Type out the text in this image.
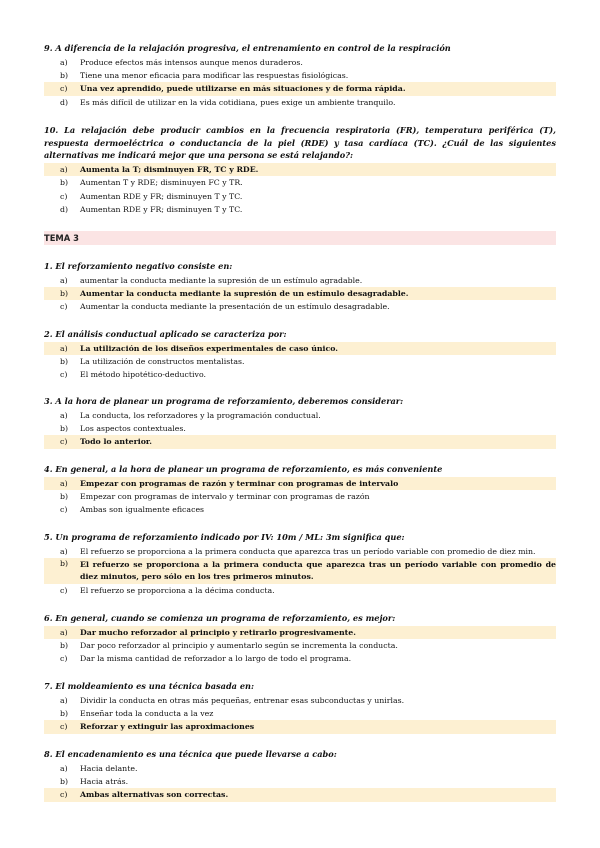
9. A diferencia de la relajación progresiva, el entrenamiento en control de la respiración
a) Produce efectos más intensos aunque menos duraderos.
b) Tiene una menor eficacia para modificar las respuestas fisiológicas.
c) Una vez aprendido, puede utilizarse en más situaciones y de forma rápida.
d) Es más difícil de utilizar en la vida cotidiana, pues exige un ambiente tranquilo.
10. La relajación debe producir cambios en la frecuencia respiratoria (FR), temperatura periférica (T), respuesta dermoeléctrica o conductancia de la piel (RDE) y tasa cardíaca (TC). ¿Cuál de las siguientes alternativas me indicará mejor que una persona se está relajando?:
a) Aumenta la T; disminuyen FR, TC y RDE.
b) Aumentan T y RDE; disminuyen FC y TR.
c) Aumentan RDE y FR; disminuyen T y TC.
d) Aumentan RDE y FR; disminuyen T y TC.
TEMA 3
1. El reforzamiento negativo consiste en:
a) aumentar la conducta mediante la supresión de un estímulo agradable.
b) Aumentar la conducta mediante la supresión de un estímulo desagradable.
c) Aumentar la conducta mediante la presentación de un estímulo desagradable.
2. El análisis conductual aplicado se caracteriza por:
a) La utilización de los diseños experimentales de caso único.
b) La utilización de constructos mentalistas.
c) El método hipotético-deductivo.
3. A la hora de planear un programa de reforzamiento, deberemos considerar:
a) La conducta, los reforzadores y la programación conductual.
b) Los aspectos contextuales.
c) Todo lo anterior.
4. En general, a la hora de planear un programa de reforzamiento, es más conveniente
a) Empezar con programas de razón y terminar con programas de intervalo
b) Empezar con programas de intervalo y terminar con programas de razón
c) Ambas son igualmente eficaces
5. Un programa de reforzamiento indicado por IV: 10m / ML: 3m significa que:
a) El refuerzo se proporciona a la primera conducta que aparezca tras un período variable con promedio de diez min.
b) El refuerzo se proporciona a la primera conducta que aparezca tras un período variable con promedio de diez minutos, pero sólo en los tres primeros minutos.
c) El refuerzo se proporciona a la décima conducta.
6. En general, cuando se comienza un programa de reforzamiento, es mejor:
a) Dar mucho reforzador al principio y retirarlo progresivamente.
b) Dar poco reforzador al principio y aumentarlo según se incrementa la conducta.
c) Dar la misma cantidad de reforzador a lo largo de todo el programa.
7. El moldeamiento es una técnica basada en:
a) Dividir la conducta en otras más pequeñas, entrenar esas subconductas y unirlas.
b) Enseñar toda la conducta a la vez
c) Reforzar y extinguir las aproximaciones
8. El encadenamiento es una técnica que puede llevarse a cabo:
a) Hacia delante.
b) Hacia atrás.
c) Ambas alternativas son correctas.
